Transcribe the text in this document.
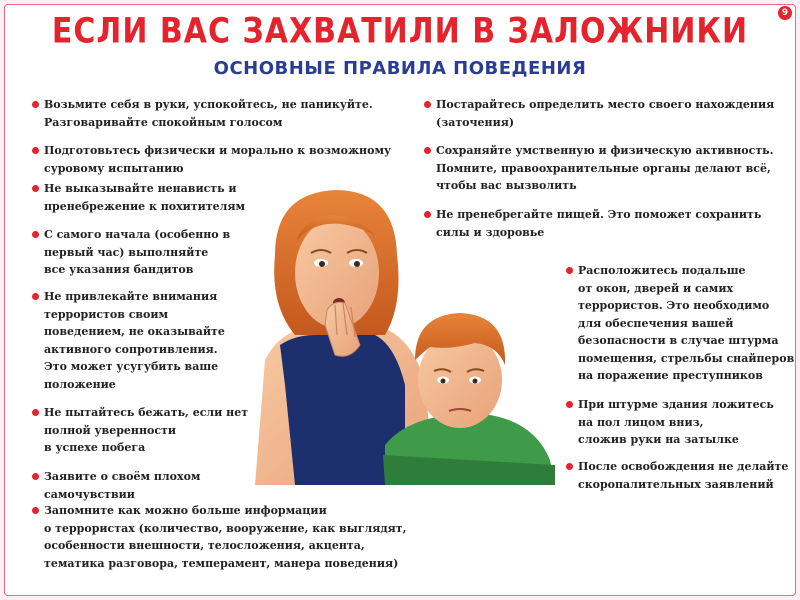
9
ЕСЛИ ВАС ЗАХВАТИЛИ В ЗАЛОЖНИКИ
ОСНОВНЫЕ ПРАВИЛА ПОВЕДЕНИЯ
Возьмите себя в руки, успокойтесь, не паникуйте.
Разговаривайте спокойным голосом
Подготовьтесь физически и морально к возможному
суровому испытанию
Не выказывайте ненависть и
пренебрежение к похитителям
С самого начала (особенно в
первый час) выполняйте
все указания бандитов
Не привлекайте внимания
террористов своим
поведением, не оказывайте
активного сопротивления.
Это может усугубить ваше
положение
Не пытайтесь бежать, если нет
полной уверенности
в успехе побега
Заявите о своём плохом
самочувствии
Запомните как можно больше информации
о террористах (количество, вооружение, как выглядят,
особенности внешности, телосложения, акцента,
тематика разговора, темперамент, манера поведения)
Постарайтесь определить место своего нахождения
(заточения)
Сохраняйте умственную и физическую активность.
Помните, правоохранительные органы делают всё,
чтобы вас вызволить
Не пренебрегайте пищей. Это поможет сохранить
силы и здоровье
Расположитесь подальше
от окон, дверей и самих
террористов. Это необходимо
для обеспечения вашей
безопасности в случае штурма
помещения, стрельбы снайперов
на поражение преступников
При штурме здания ложитесь
на пол лицом вниз,
сложив руки на затылке
После освобождения не делайте
скоропалительных заявлений
